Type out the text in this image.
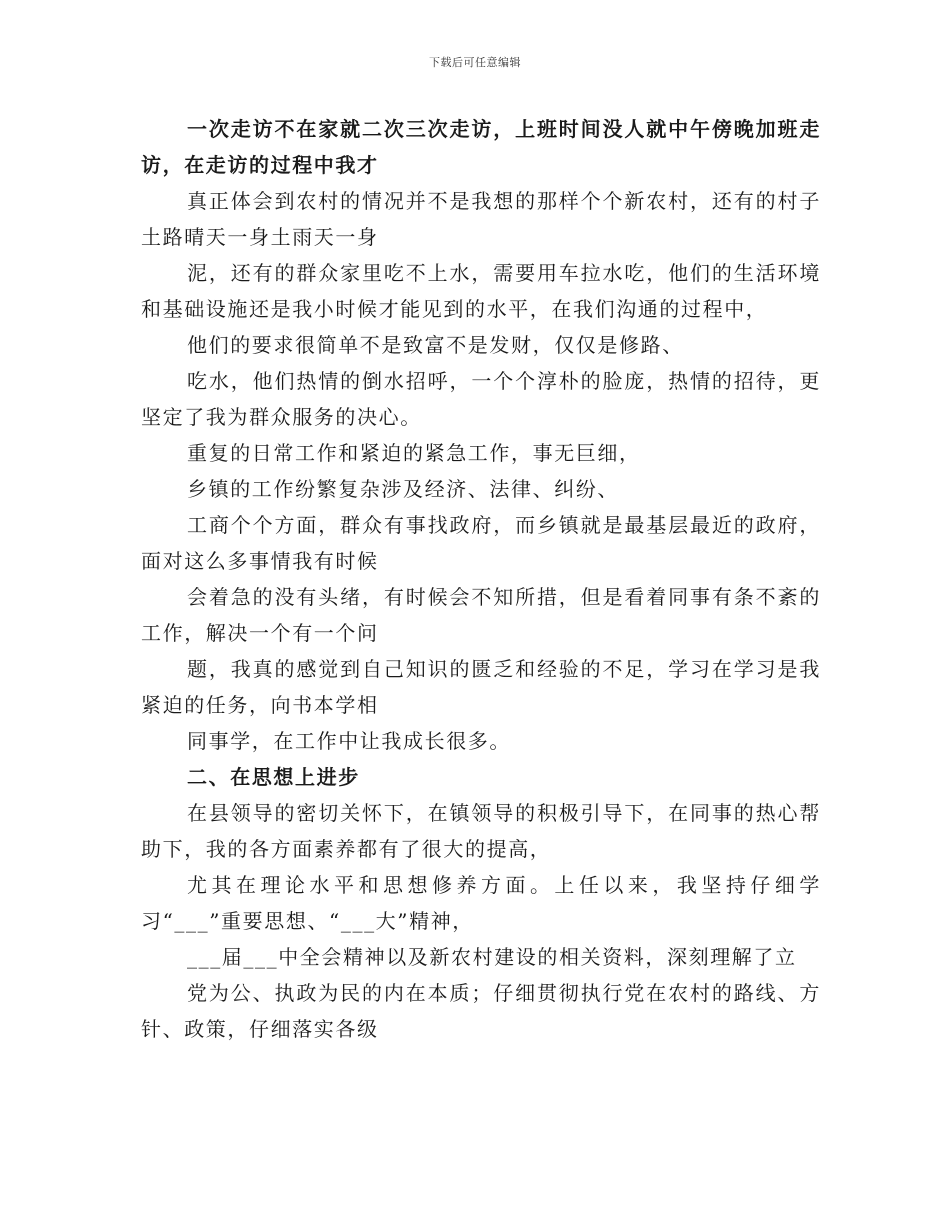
下载后可任意编辑

一次走访不在家就二次三次走访，上班时间没人就中午傍晚加班走访，在走访的过程中我才

真正体会到农村的情况并不是我想的那样个个新农村，还有的村子土路晴天一身土雨天一身

泥，还有的群众家里吃不上水，需要用车拉水吃，他们的生活环境和基础设施还是我小时候才能见到的水平，在我们沟通的过程中，

他们的要求很简单不是致富不是发财，仅仅是修路、

吃水，他们热情的倒水招呼，一个个淳朴的脸庞，热情的招待，更坚定了我为群众服务的决心。

重复的日常工作和紧迫的紧急工作，事无巨细，

乡镇的工作纷繁复杂涉及经济、法律、纠纷、

工商个个方面，群众有事找政府，而乡镇就是最基层最近的政府，面对这么多事情我有时候

会着急的没有头绪，有时候会不知所措，但是看着同事有条不紊的工作，解决一个有一个问

题，我真的感觉到自己知识的匮乏和经验的不足，学习在学习是我紧迫的任务，向书本学相

同事学，在工作中让我成长很多。

二、在思想上进步

在县领导的密切关怀下，在镇领导的积极引导下，在同事的热心帮助下，我的各方面素养都有了很大的提高，

尤其在理论水平和思想修养方面。上任以来，我坚持仔细学习“___”重要思想、“___大”精神，

___届___中全会精神以及新农村建设的相关资料，深刻理解了立

党为公、执政为民的内在本质；仔细贯彻执行党在农村的路线、方针、政策，仔细落实各级
